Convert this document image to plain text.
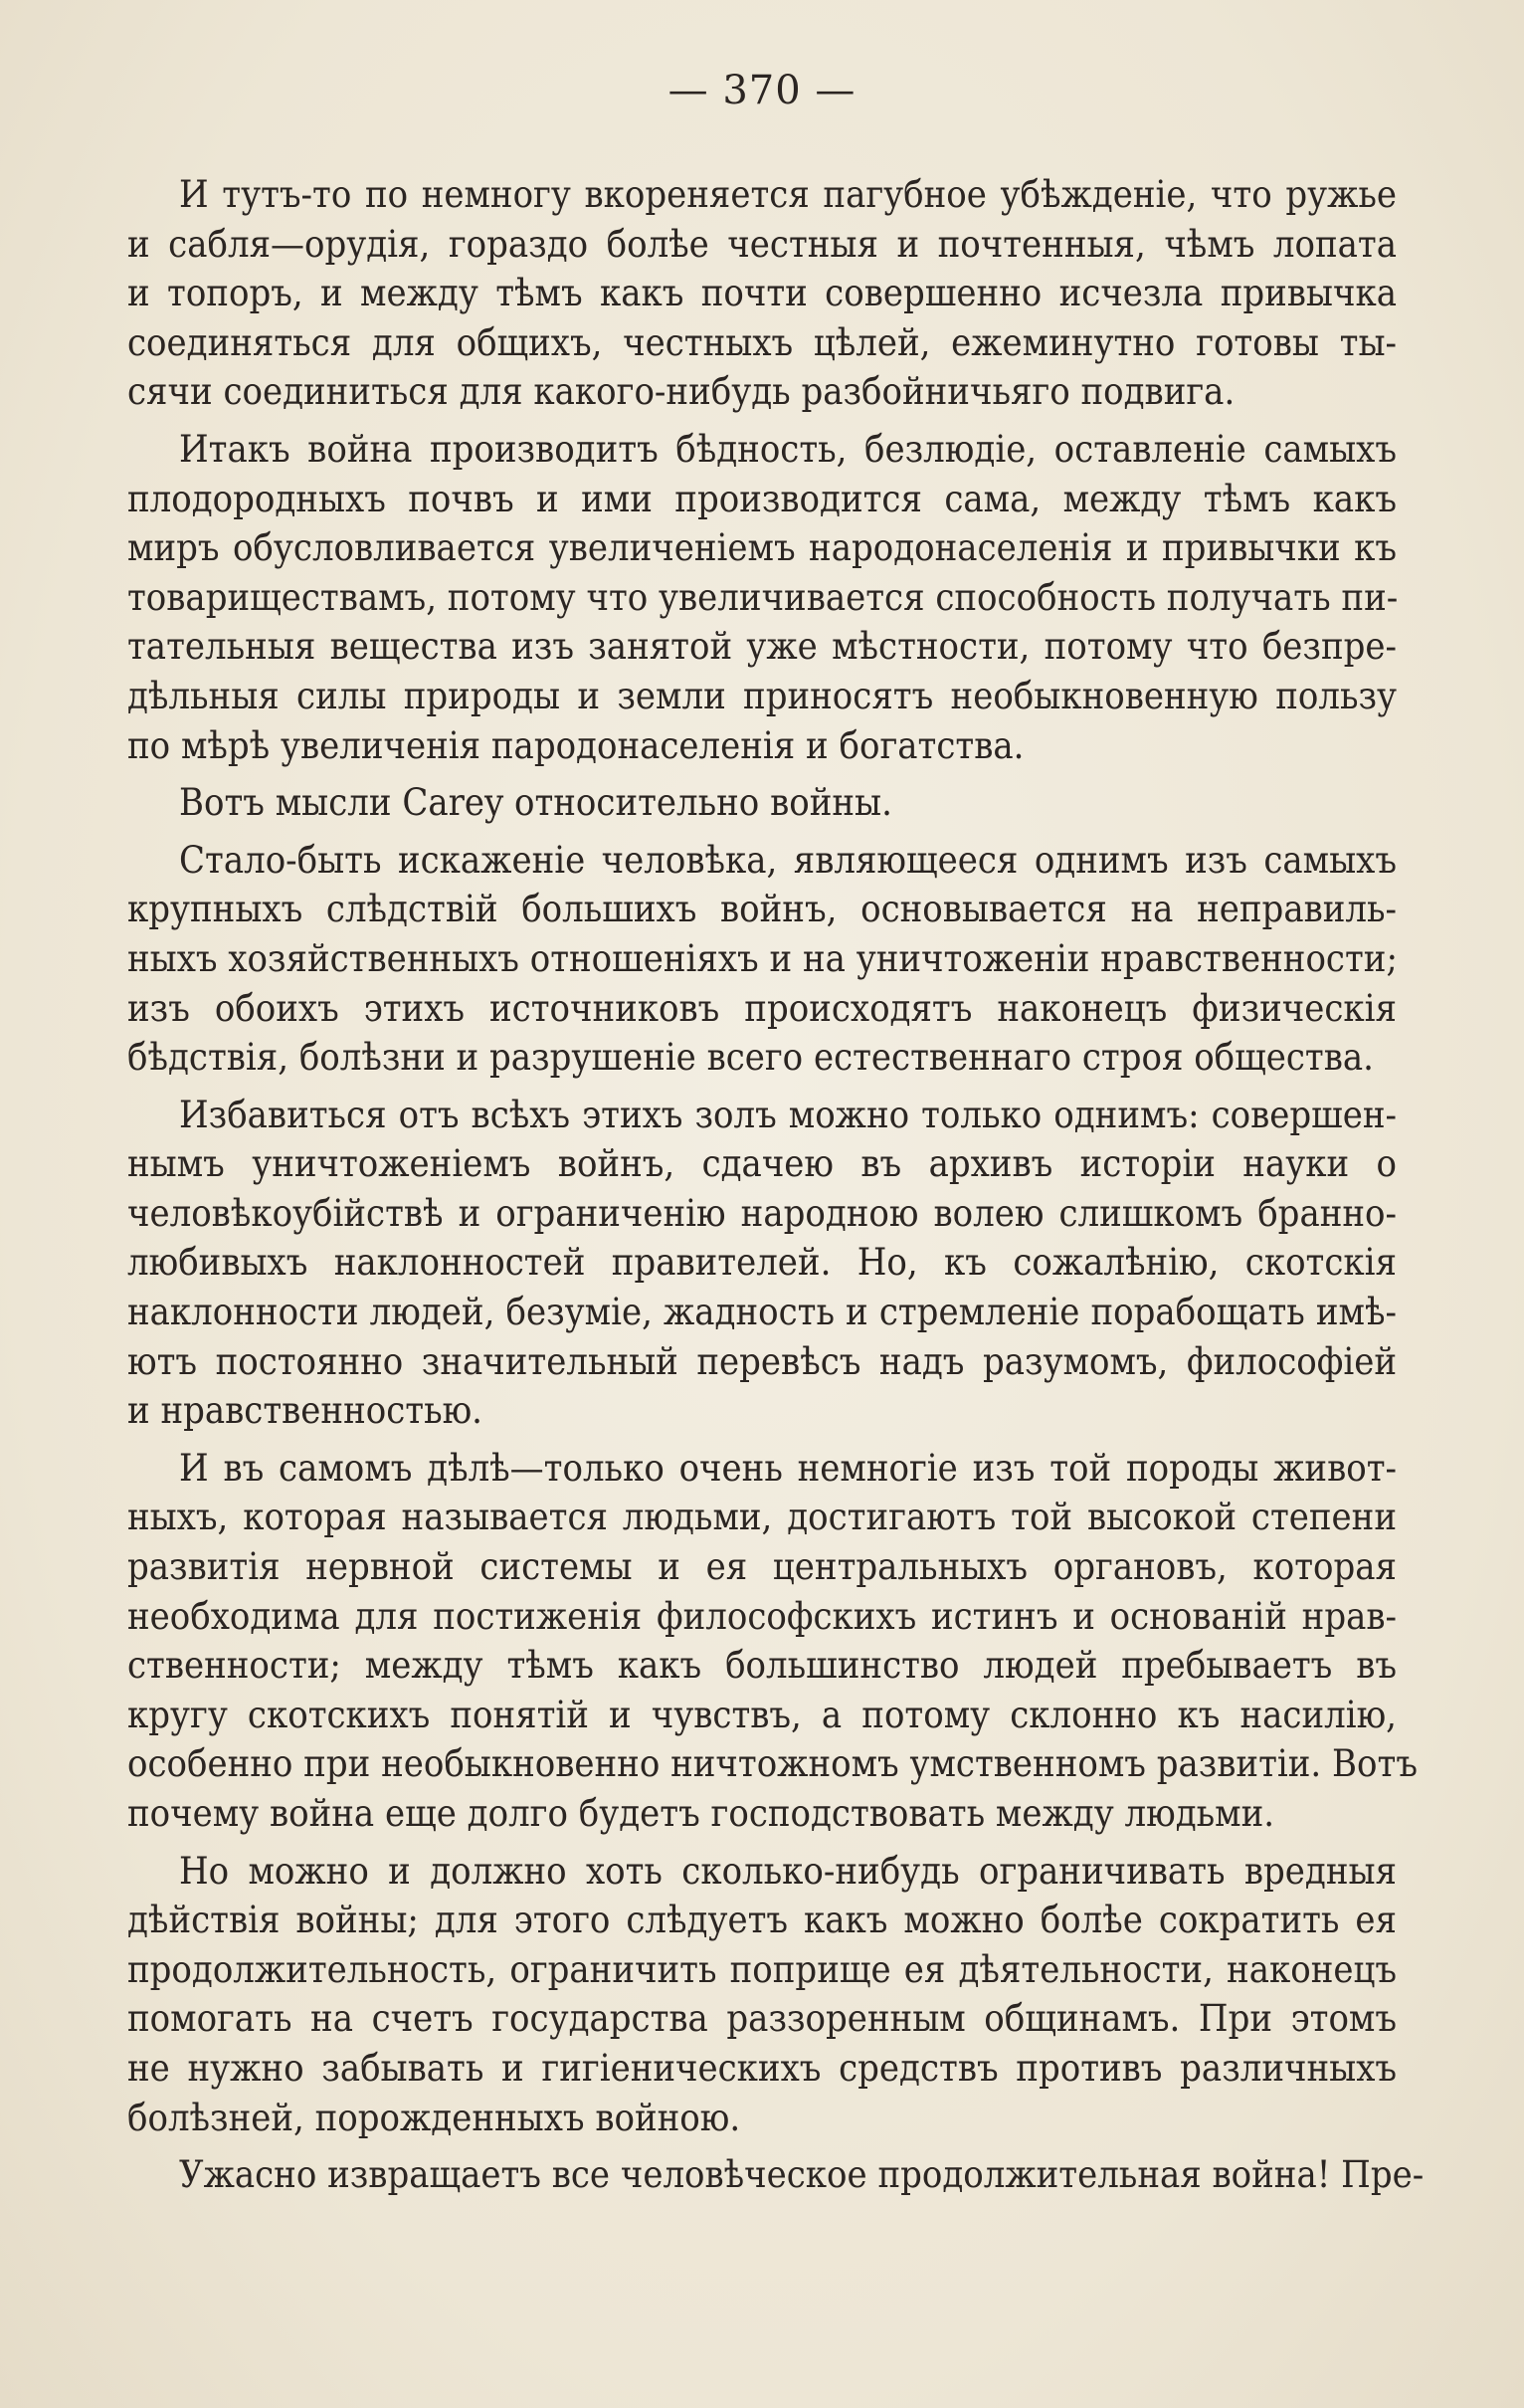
— 370 —
И тутъ-то по немногу вкореняется пагубное убѣжденіе, что ружье
и сабля—орудія, гораздо болѣе честныя и почтенныя, чѣмъ лопата
и топоръ, и между тѣмъ какъ почти совершенно исчезла привычка
соединяться для общихъ, честныхъ цѣлей, ежеминутно готовы ты-
сячи соединиться для какого-нибудь разбойничьяго подвига.
Итакъ война производитъ бѣдность, безлюдіе, оставленіе самыхъ
плодородныхъ почвъ и ими производится сама, между тѣмъ какъ
миръ обусловливается увеличеніемъ народонаселенія и привычки къ
товариществамъ, потому что увеличивается способность получать пи-
тательныя вещества изъ занятой уже мѣстности, потому что безпре-
дѣльныя силы природы и земли приносятъ необыкновенную пользу
по мѣрѣ увеличенія пародонаселенія и богатства.
Вотъ мысли Carey относительно войны.
Стало-быть искаженіе человѣка, являющееся однимъ изъ самыхъ
крупныхъ слѣдствій большихъ войнъ, основывается на неправиль-
ныхъ хозяйственныхъ отношеніяхъ и на уничтоженіи нравственности;
изъ обоихъ этихъ источниковъ происходятъ наконецъ физическія
бѣдствія, болѣзни и разрушеніе всего естественнаго строя общества.
Избавиться отъ всѣхъ этихъ золъ можно только однимъ: совершен-
нымъ уничтоженіемъ войнъ, сдачею въ архивъ исторіи науки о
человѣкоубійствѣ и ограниченію народною волею слишкомъ бранно-
любивыхъ наклонностей правителей. Но, къ сожалѣнію, скотскія
наклонности людей, безуміе, жадность и стремленіе порабощать имѣ-
ютъ постоянно значительный перевѣсъ надъ разумомъ, философіей
и нравственностью.
И въ самомъ дѣлѣ—только очень немногіе изъ той породы живот-
ныхъ, которая называется людьми, достигаютъ той высокой степени
развитія нервной системы и ея центральныхъ органовъ, которая
необходима для постиженія философскихъ истинъ и основаній нрав-
ственности; между тѣмъ какъ большинство людей пребываетъ въ
кругу скотскихъ понятій и чувствъ, а потому склонно къ насилію,
особенно при необыкновенно ничтожномъ умственномъ развитіи. Вотъ
почему война еще долго будетъ господствовать между людьми.
Но можно и должно хоть сколько-нибудь ограничивать вредныя
дѣйствія войны; для этого слѣдуетъ какъ можно болѣе сократить ея
продолжительность, ограничить поприще ея дѣятельности, наконецъ
помогать на счетъ государства раззоренным общинамъ. При этомъ
не нужно забывать и гигіеническихъ средствъ противъ различныхъ
болѣзней, порожденныхъ войною.
Ужасно извращаетъ все человѣческое продолжительная война! Пре-
